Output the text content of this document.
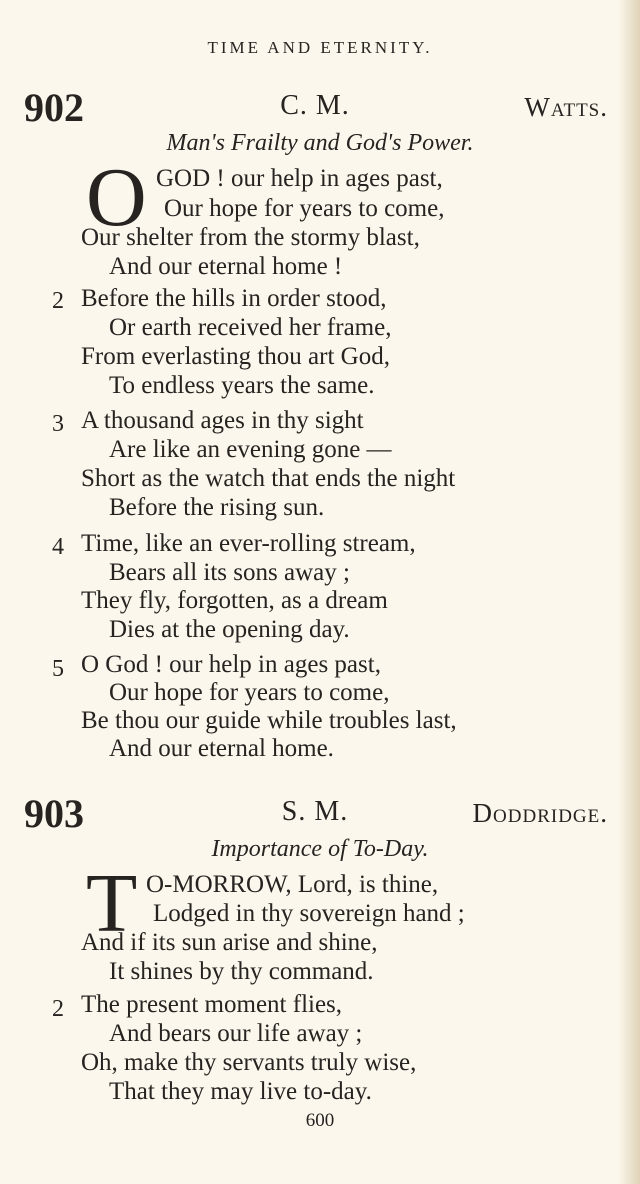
TIME AND ETERNITY.
902	C. M.	Watts.
Man's Frailty and God's Power.
O GOD ! our help in ages past,
Our hope for years to come,
Our shelter from the stormy blast,
And our eternal home !
2 Before the hills in order stood,
Or earth received her frame,
From everlasting thou art God,
To endless years the same.
3 A thousand ages in thy sight
Are like an evening gone —
Short as the watch that ends the night
Before the rising sun.
4 Time, like an ever-rolling stream,
Bears all its sons away ;
They fly, forgotten, as a dream
Dies at the opening day.
5 O God ! our help in ages past,
Our hope for years to come,
Be thou our guide while troubles last,
And our eternal home.
903	S. M.	Doddridge.
Importance of To-Day.
T O-MORROW, Lord, is thine,
Lodged in thy sovereign hand ;
And if its sun arise and shine,
It shines by thy command.
2 The present moment flies,
And bears our life away ;
Oh, make thy servants truly wise,
That they may live to-day.
600
